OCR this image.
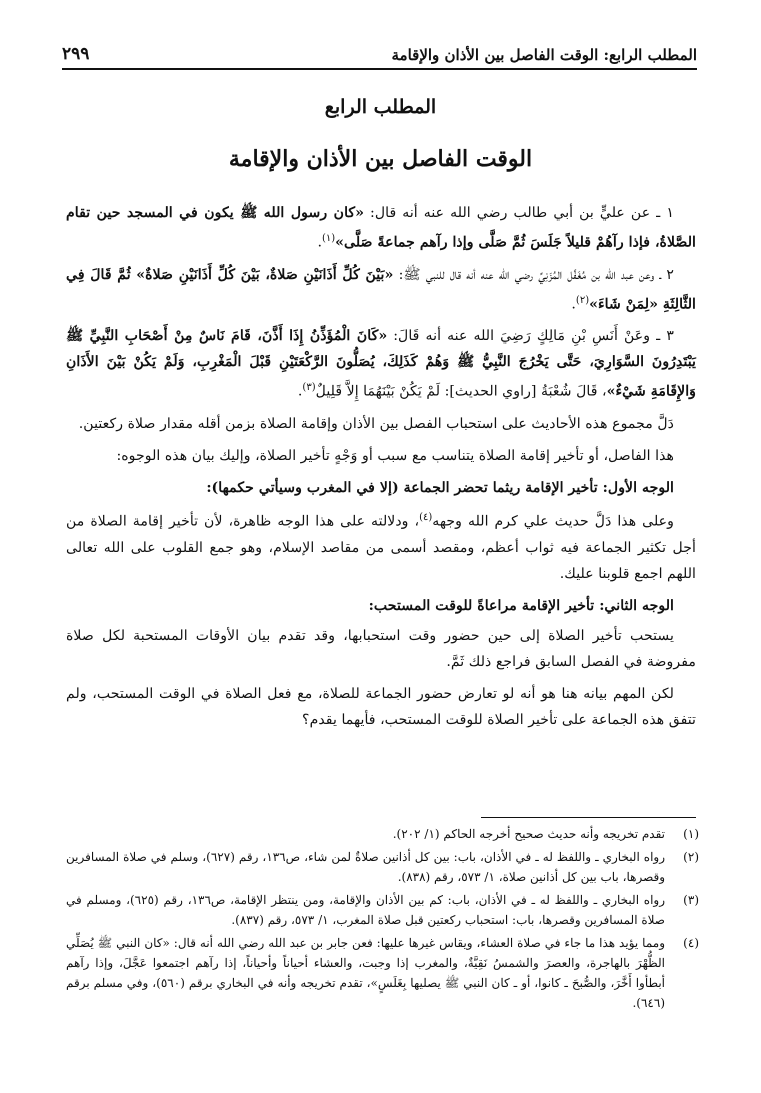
المطلب الرابع: الوقت الفاصل بين الأذان والإقامة
٢٩٩
المطلب الرابع
الوقت الفاصل بين الأذان والإقامة

١ ـ عن عليٍّ بن أبي طالب رضي الله عنه أنه قال: «كان رسول الله ﷺ يكون في المسجد حين تقام الصَّلاةُ، فإذا رآهُمْ قليلاً جَلَسَ ثُمَّ صَلَّى وإذا رآهم جماعةً صَلَّى»$^{(١)}$.

٢ ـ وعن عبد الله بن مُغَفَّل المُزَنِيِّ رضي الله عنه أنه قال للنبي ﷺ: «بَيْنَ كُلِّ أَذَانَيْنِ صَلاةٌ، بَيْنَ كُلِّ أَذَانَيْنِ صَلاةٌ» ثُمَّ قَالَ فِي الثَّالِثَةِ «لِمَنْ شَاءَ»$^{(٢)}$.

٣ ـ وعَنْ أَنَسِ بْنِ مَالِكٍ رَضِيَ الله عنه أنه قَالَ: «كَانَ الْمُؤَذِّنُ إِذَا أَذَّنَ، قَامَ نَاسٌ مِنْ أَصْحَابِ النَّبِيِّ ﷺ يَبْتَدِرُونَ السَّوَارِيَ، حَتَّى يَخْرُجَ النَّبِيُّ ﷺ وَهُمْ كَذَلِكَ، يُصَلُّونَ الرَّكْعَتَيْنِ قَبْلَ الْمَغْرِبِ، وَلَمْ يَكُنْ بَيْنَ الأَذَانِ وَالإِقَامَةِ شَيْءٌ»، قَالَ شُعْبَةُ [راوي الحديث]: لَمْ يَكُنْ بَيْنَهُمَا إِلاَّ قَلِيلٌ$^{(٣)}$.

دَلَّ مجموع هذه الأحاديث على استحباب الفصل بين الأذان وإقامة الصلاة بزمن أقله مقدار صلاة ركعتين.

هذا الفاصل، أو تأخير إقامة الصلاة يتناسب مع سبب أو وَجْهٍ تأخير الصلاة، وإليك بيان هذه الوجوه:

الوجه الأول: تأخير الإقامة ريثما تحضر الجماعة (إلا في المغرب وسيأتي حكمها):

وعلى هذا دَلَّ حديث علي كرم الله وجهه$^{(٤)}$، ودلالته على هذا الوجه ظاهرة، لأن تأخير إقامة الصلاة من أجل تكثير الجماعة فيه ثواب أعظم، ومقصد أسمى من مقاصد الإسلام، وهو جمع القلوب على الله تعالى اللهم اجمع قلوبنا عليك.

الوجه الثاني: تأخير الإقامة مراعاةً للوقت المستحب:

يستحب تأخير الصلاة إلى حين حضور وقت استحبابها، وقد تقدم بيان الأوقات المستحبة لكل صلاة مفروضة في الفصل السابق فراجع ذلك ثَمَّ.

لكن المهم بيانه هنا هو أنه لو تعارض حضور الجماعة للصلاة، مع فعل الصلاة في الوقت المستحب، ولم تتفق هذه الجماعة على تأخير الصلاة للوقت المستحب، فأيهما يقدم؟

(١)
تقدم تخريجه وأنه حديث صحيح أخرجه الحاكم (١/ ٢٠٢).
(٢)
رواه البخاري ـ واللفظ له ـ في الأذان، باب: بين كل أذانين صلاةٌ لمن شاء، ص١٣٦، رقم (٦٢٧)، وسلم في صلاة المسافرين وقصرها، باب بين كل أذانين صلاة، ١/ ٥٧٣، رقم (٨٣٨).
(٣)
رواه البخاري ـ واللفظ له ـ في الأذان، باب: كم بين الأذان والإقامة، ومن ينتظر الإقامة، ص١٣٦، رقم (٦٢٥)، ومسلم في صلاة المسافرين وقصرها، باب: استحباب ركعتين قبل صلاة المغرب، ١/ ٥٧٣، رقم (٨٣٧).
(٤)
ومما يؤيد هذا ما جاء في صلاة العشاء، ويقاس غيرها عليها: فعن جابر بن عبد الله رضي الله أنه قال: «كان النبي ﷺ يُصَلِّي الظُّهْرَ بالهاجرة، والعصرَ والشمسُ نَقِيَّةٌ، والمغرب إذا وجبت، والعشاء أحياناً وأحياناً، إذا رآهم اجتمعوا عَجَّلَ، وإذا رآهم أبطأوا أَخَّرَ، والصُّبحَ ـ كانوا، أو ـ كان النبي ﷺ يصليها بِغَلَسٍ»، تقدم تخريجه وأنه في البخاري برقم (٥٦٠)، وفي مسلم برقم (٦٤٦).
